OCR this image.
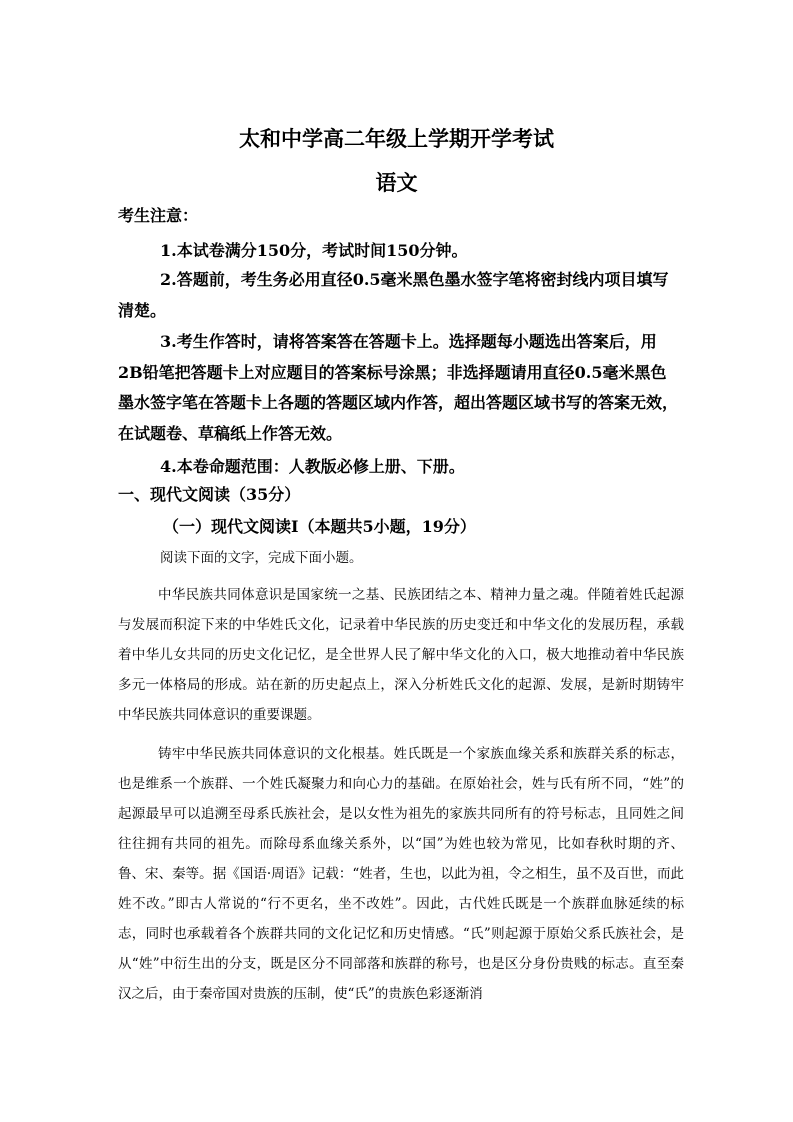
太和中学高二年级上学期开学考试
语文
考生注意：
1.本试卷满分150分，考试时间150分钟。
2.答题前，考生务必用直径0.5毫米黑色墨水签字笔将密封线内项目填写清楚。
3.考生作答时，请将答案答在答题卡上。选择题每小题选出答案后，用2B铅笔把答题卡上对应题目的答案标号涂黑；非选择题请用直径0.5毫米黑色墨水签字笔在答题卡上各题的答题区域内作答，超出答题区域书写的答案无效，在试题卷、草稿纸上作答无效。
4.本卷命题范围：人教版必修上册、下册。
一、现代文阅读（35分）
（一）现代文阅读I（本题共5小题，19分）
阅读下面的文字，完成下面小题。
中华民族共同体意识是国家统一之基、民族团结之本、精神力量之魂。伴随着姓氏起源与发展而积淀下来的中华姓氏文化，记录着中华民族的历史变迁和中华文化的发展历程，承载着中华儿女共同的历史文化记忆，是全世界人民了解中华文化的入口，极大地推动着中华民族多元一体格局的形成。站在新的历史起点上，深入分析姓氏文化的起源、发展，是新时期铸牢中华民族共同体意识的重要课题。
铸牢中华民族共同体意识的文化根基。姓氏既是一个家族血缘关系和族群关系的标志，也是维系一个族群、一个姓氏凝聚力和向心力的基础。在原始社会，姓与氏有所不同，“姓”的起源最早可以追溯至母系氏族社会，是以女性为祖先的家族共同所有的符号标志，且同姓之间往往拥有共同的祖先。而除母系血缘关系外，以“国”为姓也较为常见，比如春秋时期的齐、鲁、宋、秦等。据《国语·周语》记载：“姓者，生也，以此为祖，令之相生，虽不及百世，而此姓不改。”即古人常说的“行不更名，坐不改姓”。因此，古代姓氏既是一个族群血脉延续的标志，同时也承载着各个族群共同的文化记忆和历史情感。“氏”则起源于原始父系氏族社会，是从“姓”中衍生出的分支，既是区分不同部落和族群的称号，也是区分身份贵贱的标志。直至秦汉之后，由于秦帝国对贵族的压制，使“氏”的贵族色彩逐渐消
